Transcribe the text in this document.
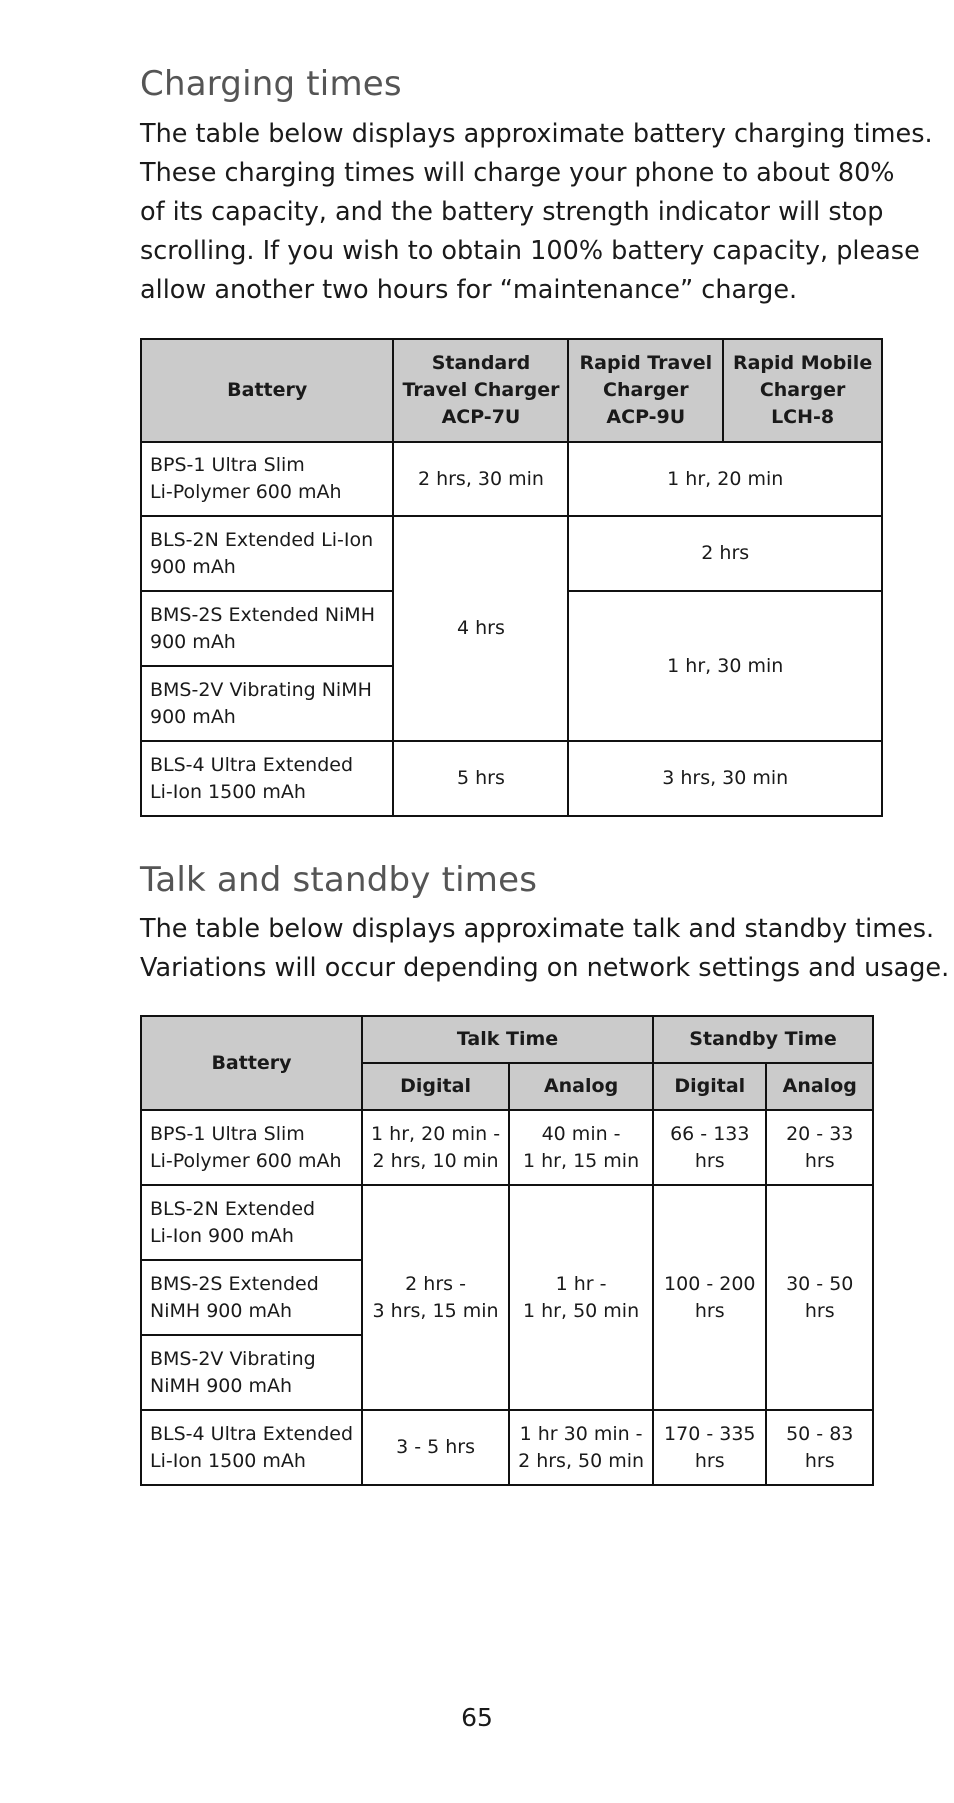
Charging times

The table below displays approximate battery charging times.
These charging times will charge your phone to about 80%
of its capacity, and the battery strength indicator will stop
scrolling. If you wish to obtain 100% battery capacity, please
allow another two hours for “maintenance” charge.

Battery	Standard
Travel Charger
ACP-7U	Rapid Travel
Charger
ACP-9U	Rapid Mobile
Charger
LCH-8

BPS-1 Ultra Slim
Li-Polymer 600 mAh	2 hrs, 30 min	1 hr, 20 min	

BLS-2N Extended Li-Ion
900 mAh	4 hrs	2 hrs	

BMS-2S Extended NiMH
900 mAh		1 hr, 30 min	

BMS-2V Vibrating NiMH
900 mAh			

BLS-4 Ultra Extended
Li-Ion 1500 mAh	5 hrs	3 hrs, 30 min	
Talk and standby times

The table below displays approximate talk and standby times.
Variations will occur depending on network settings and usage.

Battery	Talk Time		Standby Time	
	Digital	Analog	Digital	Analog

BPS-1 Ultra Slim
Li-Polymer 600 mAh	1 hr, 20 min -
2 hrs, 10 min	40 min -
1 hr, 15 min	66 - 133
hrs	20 - 33
hrs

BLS-2N Extended
Li-Ion 900 mAh	2 hrs -
3 hrs, 15 min	1 hr -
1 hr, 50 min	100 - 200
hrs	30 - 50
hrs

BMS-2S Extended
NiMH 900 mAh				

BMS-2V Vibrating
NiMH 900 mAh				

BLS-4 Ultra Extended
Li-Ion 1500 mAh	3 - 5 hrs	1 hr 30 min -
2 hrs, 50 min	170 - 335
hrs	50 - 83
hrs
65
